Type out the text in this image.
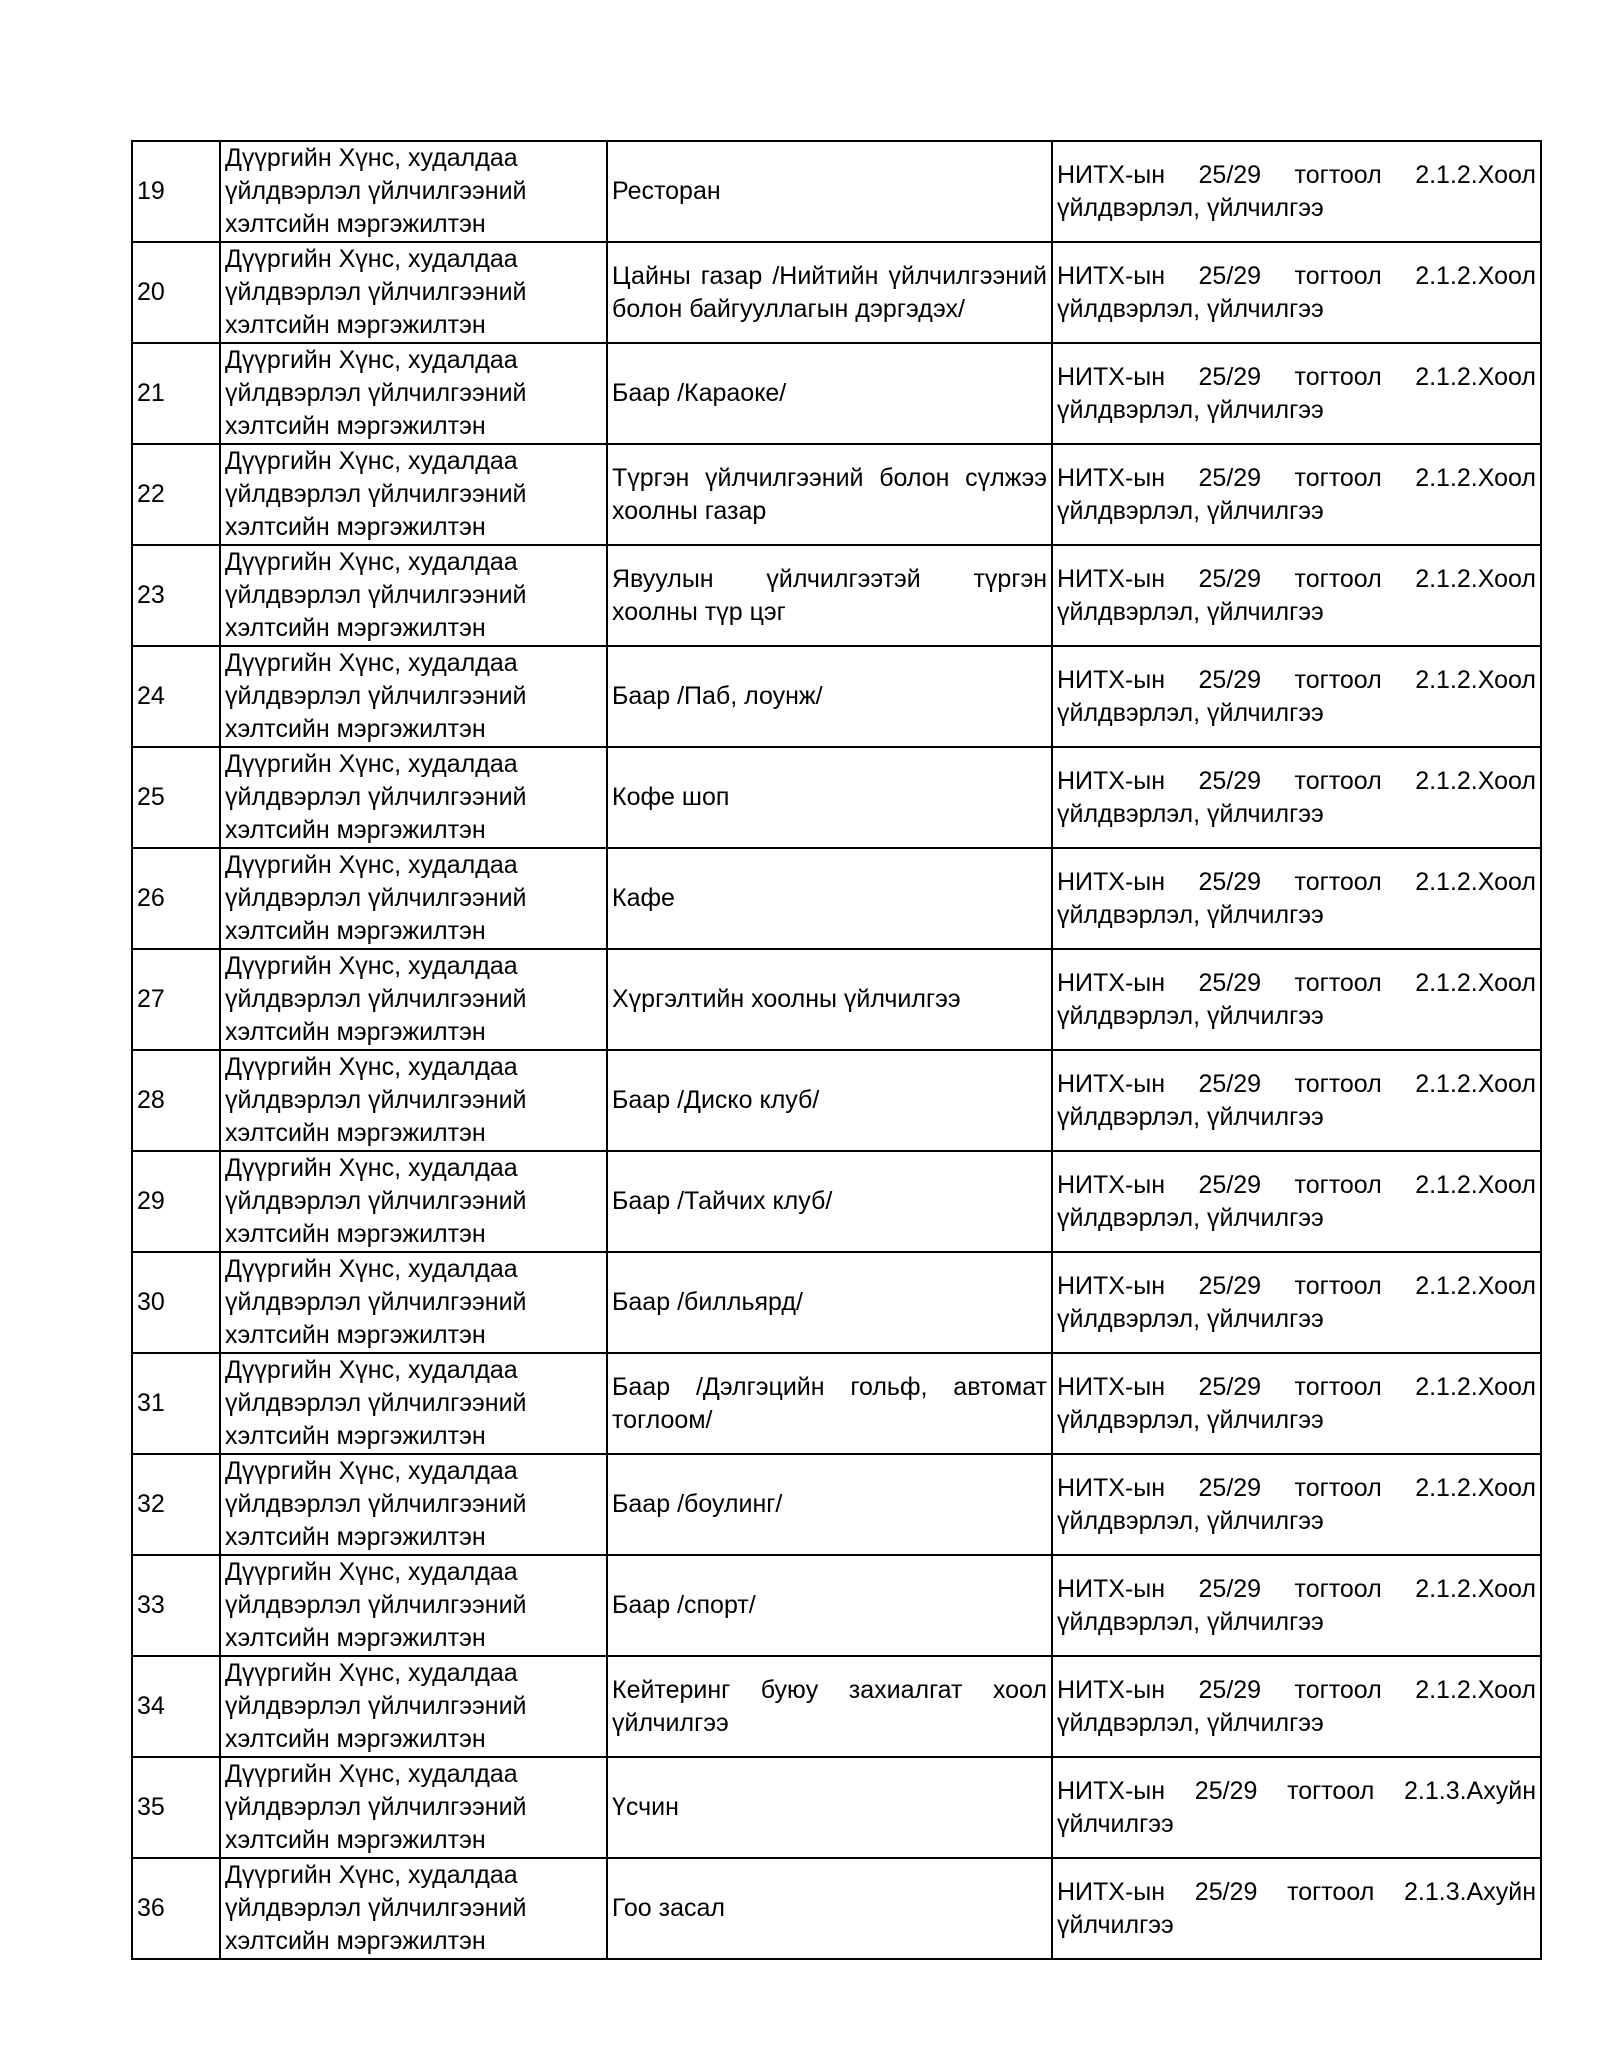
19	Дүүргийн Хүнс, худалдаа үйлдвэрлэл үйлчилгээний хэлтсийн мэргэжилтэн	Ресторан	НИТХ-ын 25/29 тогтоол 2.1.2.Хоол үйлдвэрлэл, үйлчилгээ
20	Дүүргийн Хүнс, худалдаа үйлдвэрлэл үйлчилгээний хэлтсийн мэргэжилтэн	Цайны газар /Нийтийн үйлчилгээний болон байгууллагын дэргэдэх/	НИТХ-ын 25/29 тогтоол 2.1.2.Хоол үйлдвэрлэл, үйлчилгээ
21	Дүүргийн Хүнс, худалдаа үйлдвэрлэл үйлчилгээний хэлтсийн мэргэжилтэн	Баар /Караоке/	НИТХ-ын 25/29 тогтоол 2.1.2.Хоол үйлдвэрлэл, үйлчилгээ
22	Дүүргийн Хүнс, худалдаа үйлдвэрлэл үйлчилгээний хэлтсийн мэргэжилтэн	Түргэн үйлчилгээний болон сүлжээ хоолны газар	НИТХ-ын 25/29 тогтоол 2.1.2.Хоол үйлдвэрлэл, үйлчилгээ
23	Дүүргийн Хүнс, худалдаа үйлдвэрлэл үйлчилгээний хэлтсийн мэргэжилтэн	Явуулын үйлчилгээтэй түргэн хоолны түр цэг	НИТХ-ын 25/29 тогтоол 2.1.2.Хоол үйлдвэрлэл, үйлчилгээ
24	Дүүргийн Хүнс, худалдаа үйлдвэрлэл үйлчилгээний хэлтсийн мэргэжилтэн	Баар /Паб, лоунж/	НИТХ-ын 25/29 тогтоол 2.1.2.Хоол үйлдвэрлэл, үйлчилгээ
25	Дүүргийн Хүнс, худалдаа үйлдвэрлэл үйлчилгээний хэлтсийн мэргэжилтэн	Кофе шоп	НИТХ-ын 25/29 тогтоол 2.1.2.Хоол үйлдвэрлэл, үйлчилгээ
26	Дүүргийн Хүнс, худалдаа үйлдвэрлэл үйлчилгээний хэлтсийн мэргэжилтэн	Кафе	НИТХ-ын 25/29 тогтоол 2.1.2.Хоол үйлдвэрлэл, үйлчилгээ
27	Дүүргийн Хүнс, худалдаа үйлдвэрлэл үйлчилгээний хэлтсийн мэргэжилтэн	Хүргэлтийн хоолны үйлчилгээ	НИТХ-ын 25/29 тогтоол 2.1.2.Хоол үйлдвэрлэл, үйлчилгээ
28	Дүүргийн Хүнс, худалдаа үйлдвэрлэл үйлчилгээний хэлтсийн мэргэжилтэн	Баар /Диско клуб/	НИТХ-ын 25/29 тогтоол 2.1.2.Хоол үйлдвэрлэл, үйлчилгээ
29	Дүүргийн Хүнс, худалдаа үйлдвэрлэл үйлчилгээний хэлтсийн мэргэжилтэн	Баар /Тайчих клуб/	НИТХ-ын 25/29 тогтоол 2.1.2.Хоол үйлдвэрлэл, үйлчилгээ
30	Дүүргийн Хүнс, худалдаа үйлдвэрлэл үйлчилгээний хэлтсийн мэргэжилтэн	Баар /билльярд/	НИТХ-ын 25/29 тогтоол 2.1.2.Хоол үйлдвэрлэл, үйлчилгээ
31	Дүүргийн Хүнс, худалдаа үйлдвэрлэл үйлчилгээний хэлтсийн мэргэжилтэн	Баар /Дэлгэцийн гольф, автомат тоглоом/	НИТХ-ын 25/29 тогтоол 2.1.2.Хоол үйлдвэрлэл, үйлчилгээ
32	Дүүргийн Хүнс, худалдаа үйлдвэрлэл үйлчилгээний хэлтсийн мэргэжилтэн	Баар /боулинг/	НИТХ-ын 25/29 тогтоол 2.1.2.Хоол үйлдвэрлэл, үйлчилгээ
33	Дүүргийн Хүнс, худалдаа үйлдвэрлэл үйлчилгээний хэлтсийн мэргэжилтэн	Баар /спорт/	НИТХ-ын 25/29 тогтоол 2.1.2.Хоол үйлдвэрлэл, үйлчилгээ
34	Дүүргийн Хүнс, худалдаа үйлдвэрлэл үйлчилгээний хэлтсийн мэргэжилтэн	Кейтеринг буюу захиалгат хоол үйлчилгээ	НИТХ-ын 25/29 тогтоол 2.1.2.Хоол үйлдвэрлэл, үйлчилгээ
35	Дүүргийн Хүнс, худалдаа үйлдвэрлэл үйлчилгээний хэлтсийн мэргэжилтэн	Үсчин	НИТХ-ын 25/29 тогтоол 2.1.3.Ахуйн үйлчилгээ
36	Дүүргийн Хүнс, худалдаа үйлдвэрлэл үйлчилгээний хэлтсийн мэргэжилтэн	Гоо засал	НИТХ-ын 25/29 тогтоол 2.1.3.Ахуйн үйлчилгээ
